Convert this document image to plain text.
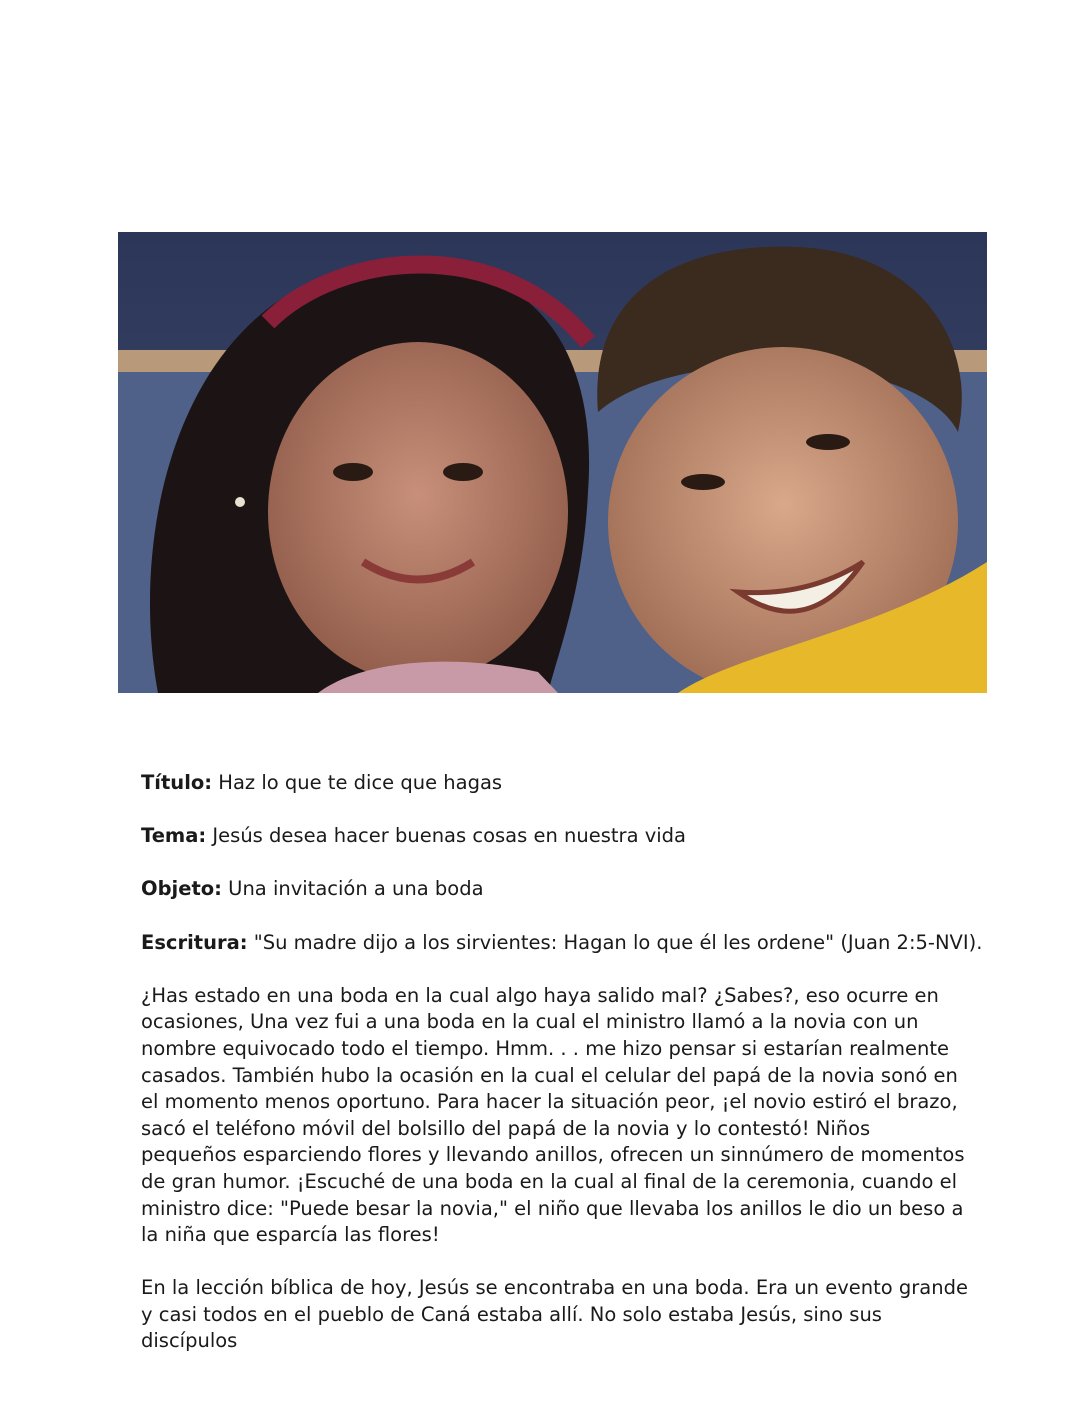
Título: Haz lo que te dice que hagas

Tema: Jesús desea hacer buenas cosas en nuestra vida

Objeto: Una invitación a una boda

Escritura: "Su madre dijo a los sirvientes: Hagan lo que él les ordene" (Juan 2:5-NVI).

¿Has estado en una boda en la cual algo haya salido mal? ¿Sabes?, eso ocurre en ocasiones, Una vez fui a una boda en la cual el ministro llamó a la novia con un nombre equivocado todo el tiempo. Hmm. . . me hizo pensar si estarían realmente casados. También hubo la ocasión en la cual el celular del papá de la novia sonó en el momento menos oportuno. Para hacer la situación peor, ¡el novio estiró el brazo, sacó el teléfono móvil del bolsillo del papá de la novia y lo contestó! Niños pequeños esparciendo flores y llevando anillos, ofrecen un sinnúmero de momentos de gran humor. ¡Escuché de una boda en la cual al final de la ceremonia, cuando el ministro dice: "Puede besar la novia," el niño que llevaba los anillos le dio un beso a la niña que esparcía las flores!

En la lección bíblica de hoy, Jesús se encontraba en una boda. Era un evento grande y casi todos en el pueblo de Caná estaba allí. No solo estaba Jesús, sino sus discípulos
